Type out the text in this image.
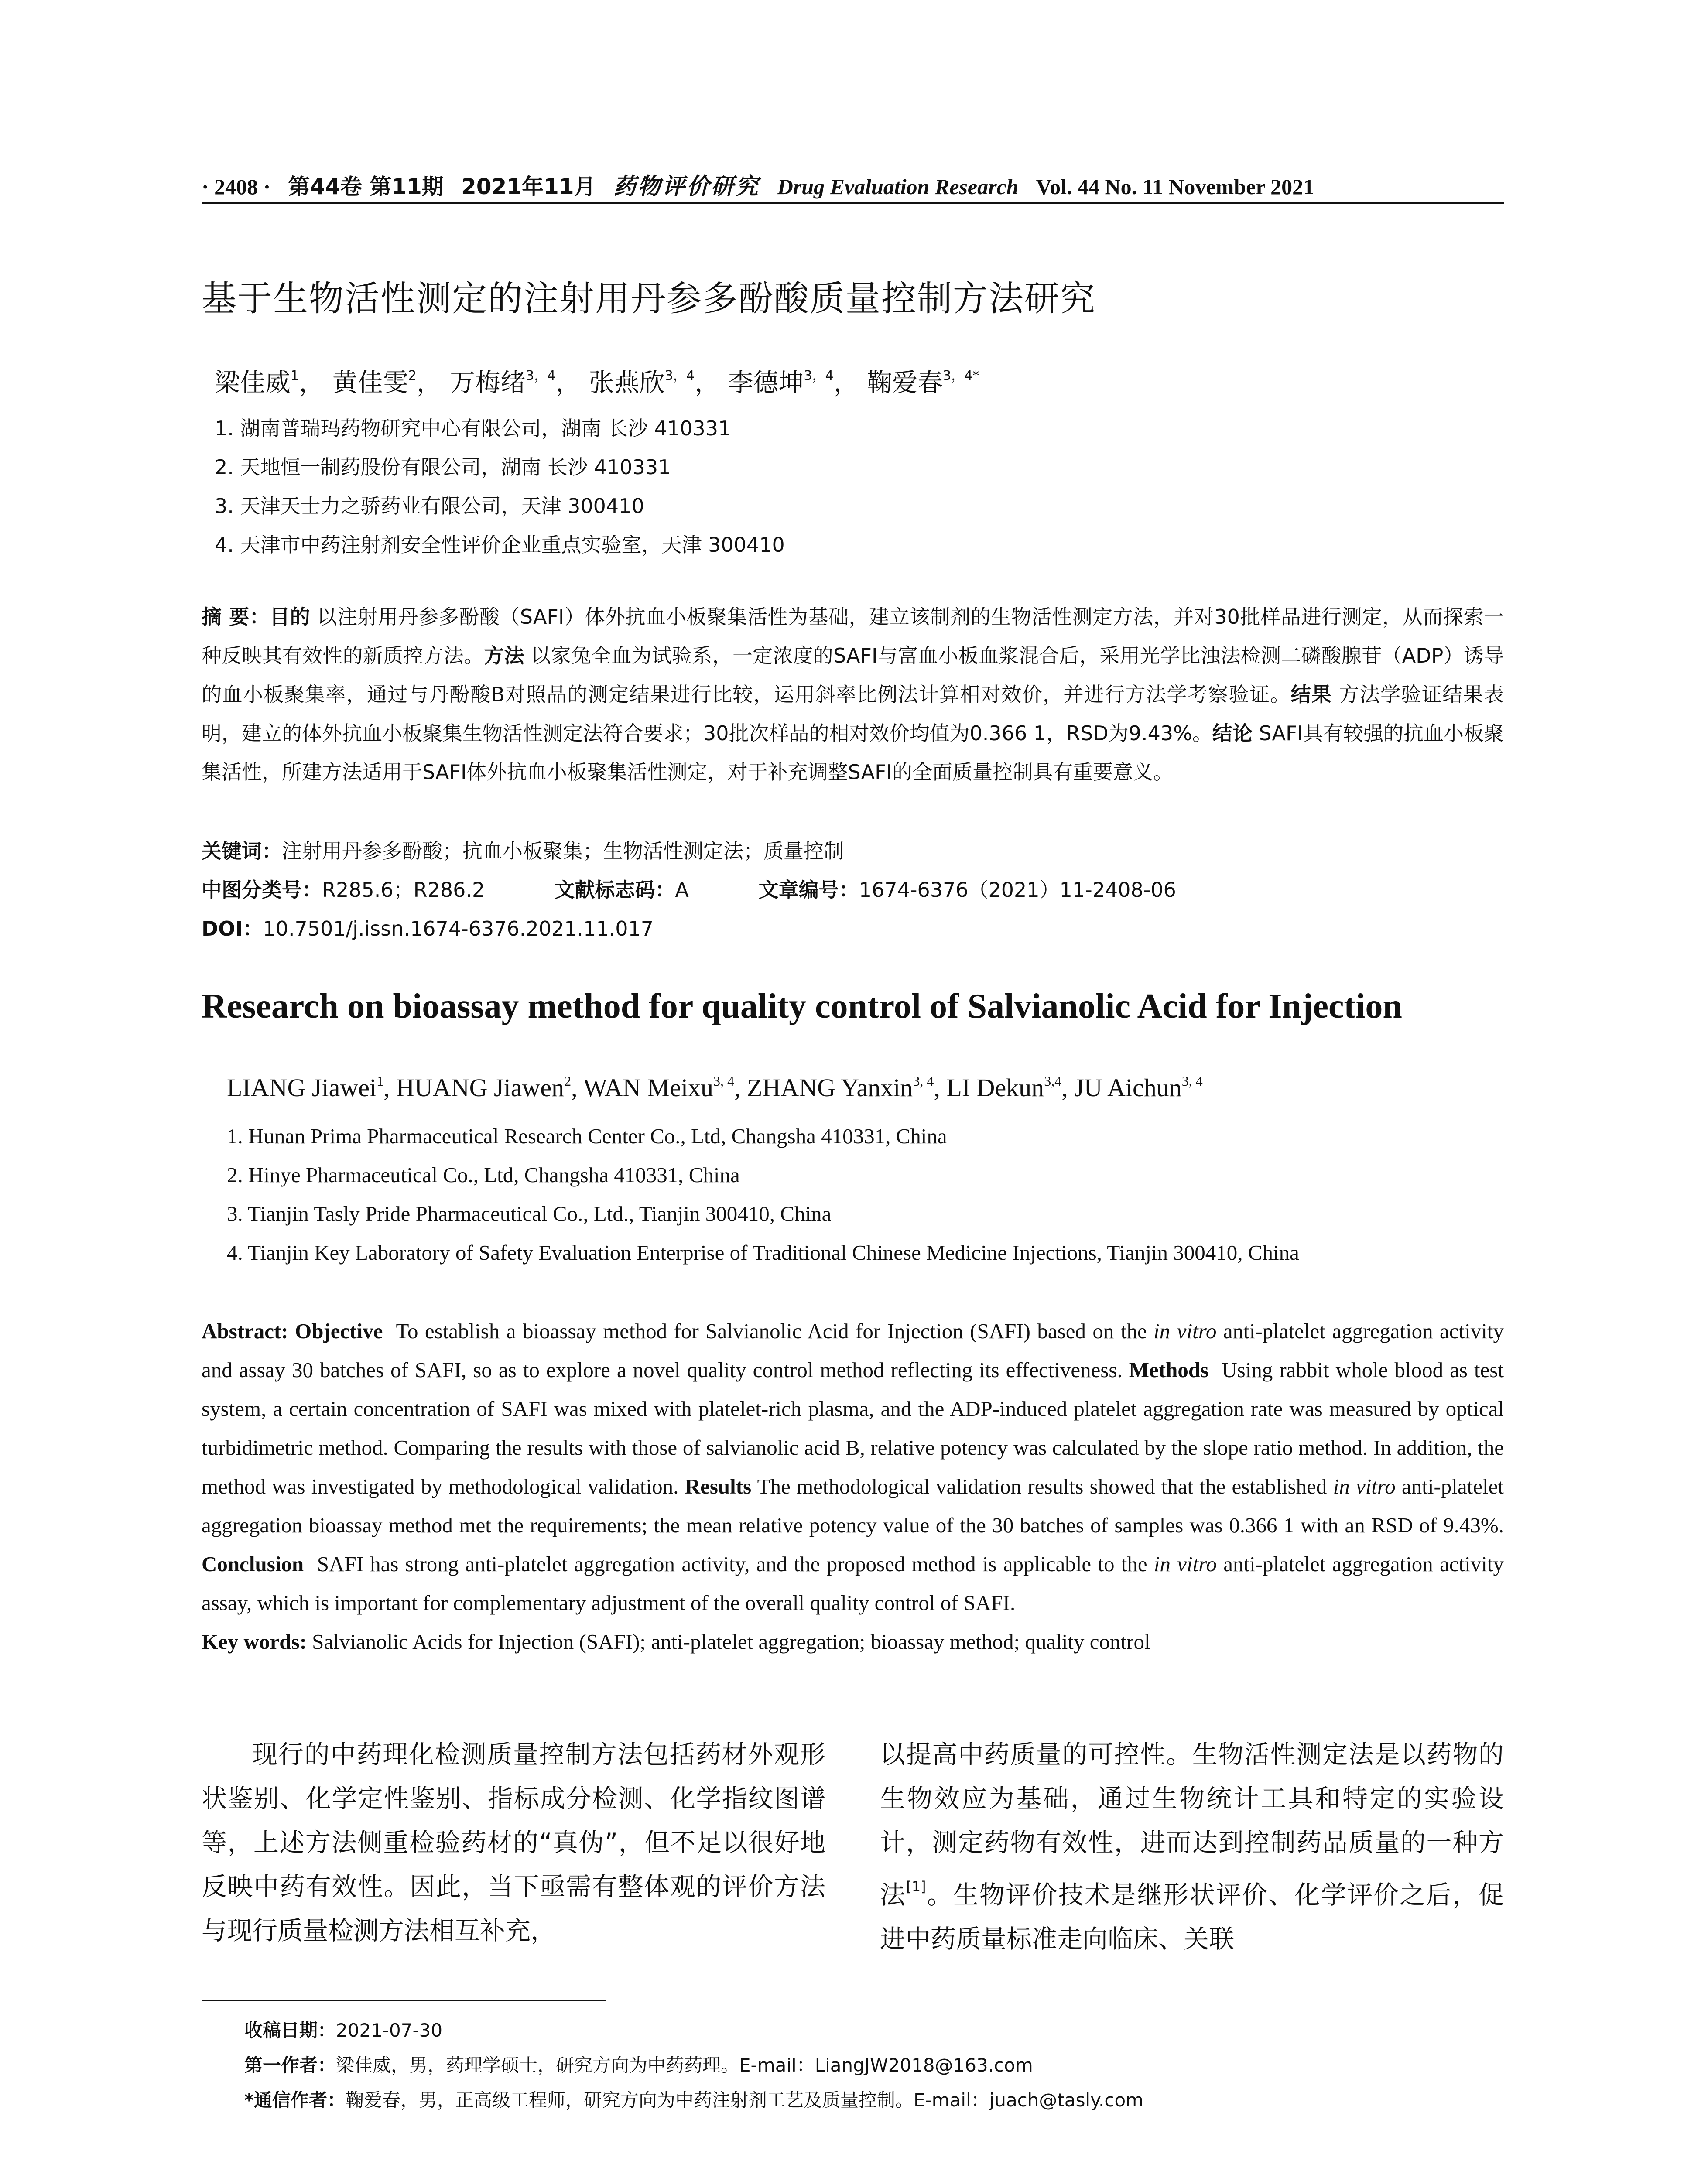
· 2408 · 第44卷 第11期 2021年11月 药物评价研究 Drug Evaluation Research Vol. 44 No. 11 November 2021
基于生物活性测定的注射用丹参多酚酸质量控制方法研究
梁佳威$^1$， 黄佳雯$^2$， 万梅绪$^{3,4}$， 张燕欣$^{3,4}$， 李德坤$^{3,4}$， 鞠爱春$^{3,4*}$
1. 湖南普瑞玛药物研究中心有限公司，湖南 长沙 410331
2. 天地恒一制药股份有限公司，湖南 长沙 410331
3. 天津天士力之骄药业有限公司，天津 300410
4. 天津市中药注射剂安全性评价企业重点实验室，天津 300410
摘 要：目的 以注射用丹参多酚酸（SAFI）体外抗血小板聚集活性为基础，建立该制剂的生物活性测定方法，并对30批样品进行测定，从而探索一种反映其有效性的新质控方法。方法 以家兔全血为试验系，一定浓度的SAFI与富血小板血浆混合后，采用光学比浊法检测二磷酸腺苷（ADP）诱导的血小板聚集率，通过与丹酚酸B对照品的测定结果进行比较，运用斜率比例法计算相对效价，并进行方法学考察验证。结果 方法学验证结果表明，建立的体外抗血小板聚集生物活性测定法符合要求；30批次样品的相对效价均值为0.366 1，RSD为9.43%。结论 SAFI具有较强的抗血小板聚集活性，所建方法适用于SAFI体外抗血小板聚集活性测定，对于补充调整SAFI的全面质量控制具有重要意义。
关键词：注射用丹参多酚酸；抗血小板聚集；生物活性测定法；质量控制
中图分类号：R285.6；R286.2	文献标志码：A	文章编号：1674-6376（2021）11-2408-06
DOI：10.7501/j.issn.1674-6376.2021.11.017
Research on bioassay method for quality control of Salvianolic Acid for Injection
LIANG Jiawei$^1$, HUANG Jiawen$^2$, WAN Meixu$^{3, 4}$, ZHANG Yanxin$^{3, 4}$, LI Dekun$^{3,4}$, JU Aichun$^{3, 4}$
1. Hunan Prima Pharmaceutical Research Center Co., Ltd, Changsha 410331, China
2. Hinye Pharmaceutical Co., Ltd, Changsha 410331, China
3. Tianjin Tasly Pride Pharmaceutical Co., Ltd., Tianjin 300410, China
4. Tianjin Key Laboratory of Safety Evaluation Enterprise of Traditional Chinese Medicine Injections, Tianjin 300410, China
Abstract: Objective To establish a bioassay method for Salvianolic Acid for Injection (SAFI) based on the in vitro anti-platelet aggregation activity and assay 30 batches of SAFI, so as to explore a novel quality control method reflecting its effectiveness. Methods Using rabbit whole blood as test system, a certain concentration of SAFI was mixed with platelet-rich plasma, and the ADP-induced platelet aggregation rate was measured by optical turbidimetric method. Comparing the results with those of salvianolic acid B, relative potency was calculated by the slope ratio method. In addition, the method was investigated by methodological validation. Results The methodological validation results showed that the established in vitro anti-platelet aggregation bioassay method met the requirements; the mean relative potency value of the 30 batches of samples was 0.366 1 with an RSD of 9.43%. Conclusion SAFI has strong anti-platelet aggregation activity, and the proposed method is applicable to the in vitro anti-platelet aggregation activity assay, which is important for complementary adjustment of the overall quality control of SAFI.
Key words: Salvianolic Acids for Injection (SAFI); anti-platelet aggregation; bioassay method; quality control
现行的中药理化检测质量控制方法包括药材外观形状鉴别、化学定性鉴别、指标成分检测、化学指纹图谱等，上述方法侧重检验药材的“真伪”，但不足以很好地反映中药有效性。因此，当下亟需有整体观的评价方法与现行质量检测方法相互补充，
以提高中药质量的可控性。生物活性测定法是以药物的生物效应为基础，通过生物统计工具和特定的实验设计，测定药物有效性，进而达到控制药品质量的一种方法[1]。生物评价技术是继形状评价、化学评价之后，促进中药质量标准走向临床、关联
收稿日期：2021-07-30
第一作者：梁佳威，男，药理学硕士，研究方向为中药药理。E-mail：LiangJW2018@163.com
*通信作者：鞠爱春，男，正高级工程师，研究方向为中药注射剂工艺及质量控制。E-mail：juach@tasly.com
